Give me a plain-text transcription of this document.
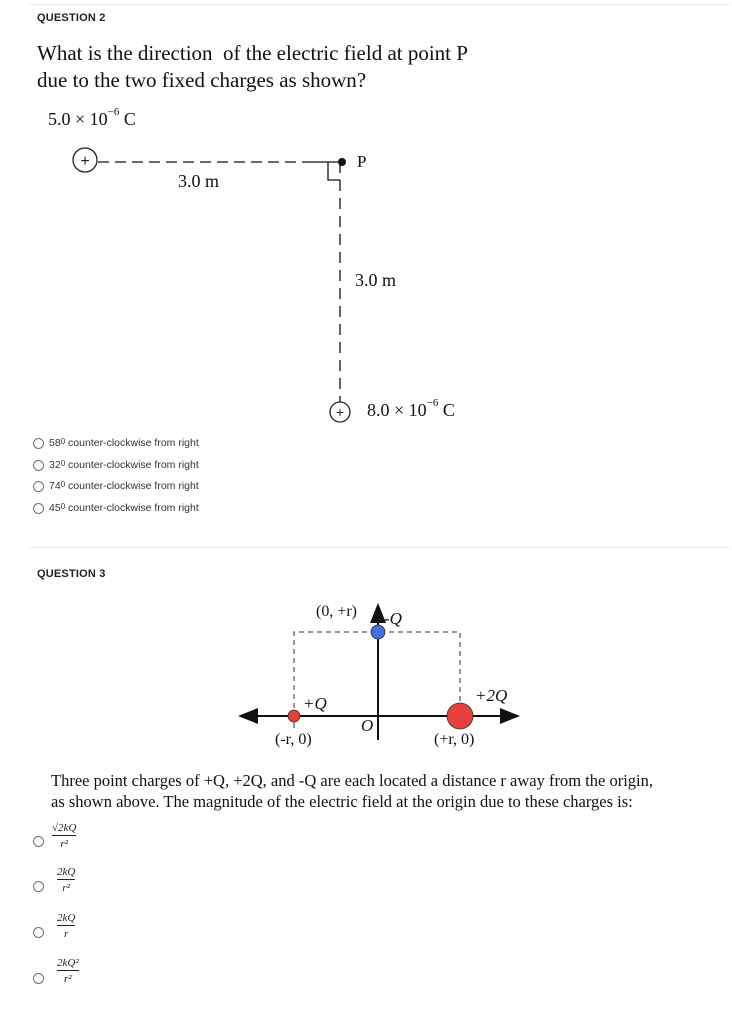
QUESTION 2
What is the direction  of the electric field at point P
due to the two fixed charges as shown?
$5.0 \times 10^{-6}$ C
+
+
P
3.0 m
3.0 m
$8.0 \times 10^{-6}$ C
$58^0$ counter-clockwise from right
$32^0$ counter-clockwise from right
$74^0$ counter-clockwise from right
$45^0$ counter-clockwise from right
QUESTION 3
(0, +r) -Q
+Q	+2Q
O
(-r, 0)	(+r, 0)
Three point charges of +Q, +2Q, and -Q are each located a distance r away from the origin,
as shown above. The magnitude of the electric field at the origin due to these charges is:
√2kQ
r²
2kQ
r²
2kQ
r
2kQ²
r²
